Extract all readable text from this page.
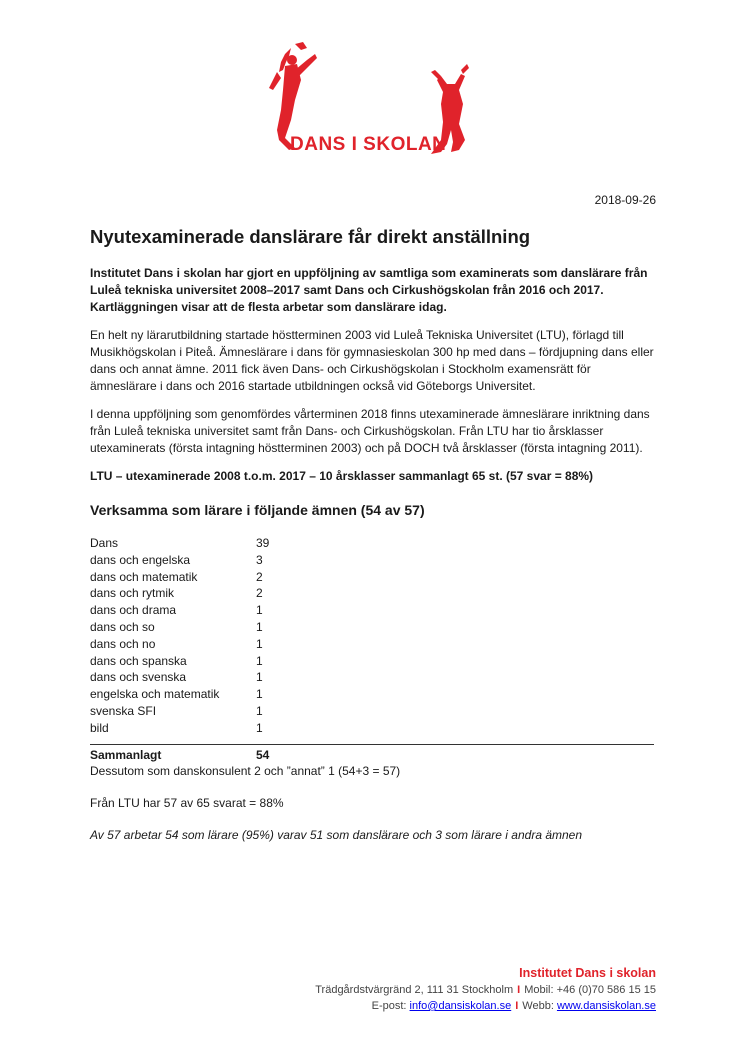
DANS I SKOLAN
2018-09-26
Nyutexaminerade danslärare får direkt anställning

Institutet Dans i skolan har gjort en uppföljning av samtliga som examinerats som danslärare från Luleå tekniska universitet 2008–2017 samt Dans och Cirkushögskolan från 2016 och 2017. Kartläggningen visar att de flesta arbetar som danslärare idag.

En helt ny lärarutbildning startade höstterminen 2003 vid Luleå Tekniska Universitet (LTU), förlagd till Musikhögskolan i Piteå. Ämneslärare i dans för gymnasieskolan 300 hp med dans – fördjupning dans eller dans och annat ämne. 2011 fick även Dans- och Cirkushögskolan i Stockholm examensrätt för ämneslärare i dans och 2016 startade utbildningen också vid Göteborgs Universitet.

I denna uppföljning som genomfördes vårterminen 2018 finns utexaminerade ämneslärare inriktning dans från Luleå tekniska universitet samt från Dans- och Cirkushögskolan. Från LTU har tio årsklasser utexaminerats (första intagning höstterminen 2003) och på DOCH två årsklasser (första intagning 2011).

LTU – utexaminerade 2008 t.o.m. 2017 – 10 årsklasser sammanlagt 65 st. (57 svar = 88%)

Verksamma som lärare i följande ämnen (54 av 57)
Dans	39
dans och engelska	3
dans och matematik	2
dans och rytmik	2
dans och drama	1
dans och so	1
dans och no	1
dans och spanska	1
dans och svenska	1
engelska och matematik	1
svenska SFI	1
bild	1
Sammanlagt	54

Dessutom som danskonsulent 2 och ”annat” 1 (54+3 = 57)

Från LTU har 57 av 65 svarat = 88%

Av 57 arbetar 54 som lärare (95%) varav 51 som danslärare och 3 som lärare i andra ämnen

Institutet Dans i skolan
Trädgårdstvärgränd 2, 111 31 Stockholm I Mobil: +46 (0)70 586 15 15
E-post: info@dansiskolan.se I Webb: www.dansiskolan.se
